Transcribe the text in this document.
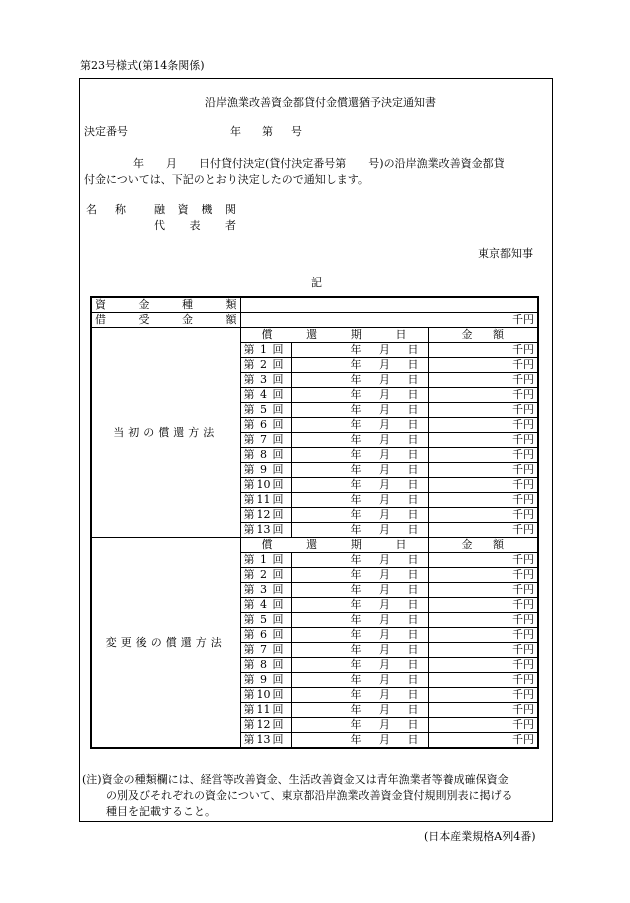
第23号様式(第14条関係)
沿岸漁業改善資金都貸付金償還猶予決定通知書
決定番号	年 第 号
年　　月　　日付貸付決定(貸付決定番号第　　号)の沿岸漁業改善資金都貸
付金については、下記のとおり決定したので通知します。
名 称	融 資 機 関
代 表 者
東京都知事
記
資 金 種 類			

借 受 金 額	千円		
当初の償還方法	償 還 期 日		金 額

	第 1 回	年 月 日	千円

	第 2 回	年 月 日	千円

	第 3 回	年 月 日	千円

	第 4 回	年 月 日	千円

	第 5 回	年 月 日	千円

	第 6 回	年 月 日	千円

	第 7 回	年 月 日	千円

	第 8 回	年 月 日	千円

	第 9 回	年 月 日	千円

	第 10 回	年 月 日	千円

	第 11 回	年 月 日	千円

	第 12 回	年 月 日	千円

	第 13 回	年 月 日	千円
変更後の償還方法	償 還 期 日		金 額

	第 1 回	年 月 日	千円

	第 2 回	年 月 日	千円

	第 3 回	年 月 日	千円

	第 4 回	年 月 日	千円

	第 5 回	年 月 日	千円

	第 6 回	年 月 日	千円

	第 7 回	年 月 日	千円

	第 8 回	年 月 日	千円

	第 9 回	年 月 日	千円

	第 10 回	年 月 日	千円

	第 11 回	年 月 日	千円

	第 12 回	年 月 日	千円

	第 13 回	年 月 日	千円
(注)資金の種類欄には、経営等改善資金、生活改善資金又は青年漁業者等養成確保資金
の別及びそれぞれの資金について、東京都沿岸漁業改善資金貸付規則別表に掲げる
種目を記載すること。
(日本産業規格A列4番)
